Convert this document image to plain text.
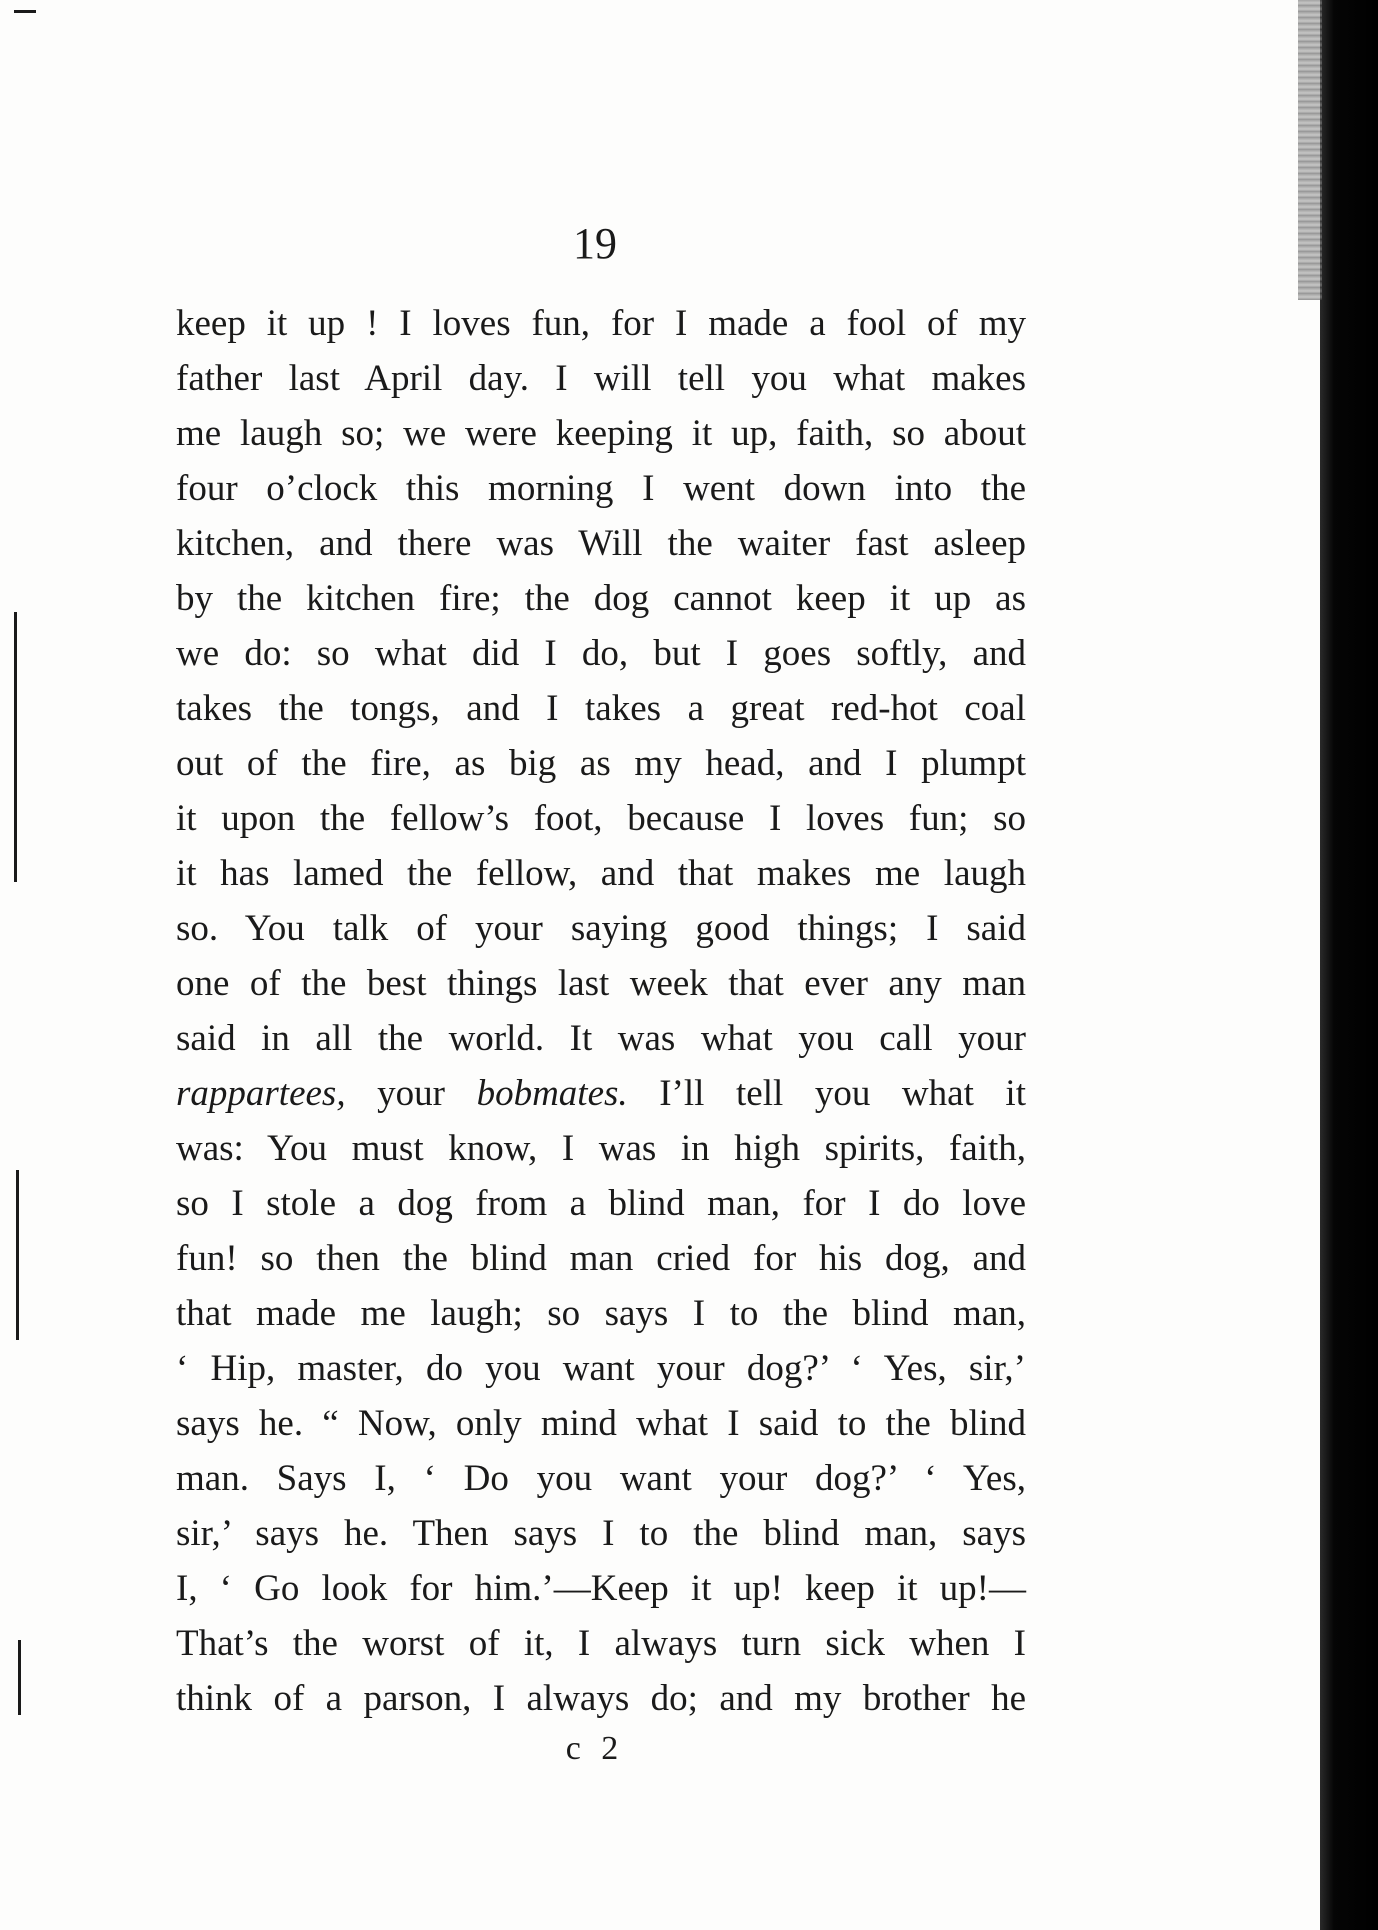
19
keep it up ! I loves fun, for I made a fool of my
father last April day. I will tell you what makes
me laugh so; we were keeping it up, faith, so about
four o’clock this morning I went down into the
kitchen, and there was Will the waiter fast asleep
by the kitchen fire; the dog cannot keep it up as
we do: so what did I do, but I goes softly, and
takes the tongs, and I takes a great red-hot coal
out of the fire, as big as my head, and I plumpt
it upon the fellow’s foot, because I loves fun; so
it has lamed the fellow, and that makes me laugh
so. You talk of your saying good things; I said
one of the best things last week that ever any man
said in all the world. It was what you call your
rappartees, your bobmates. I’ll tell you what it
was: You must know, I was in high spirits, faith,
so I stole a dog from a blind man, for I do love
fun! so then the blind man cried for his dog, and
that made me laugh; so says I to the blind man,
‘ Hip, master, do you want your dog?’ ‘ Yes, sir,’
says he. “ Now, only mind what I said to the blind
man. Says I, ‘ Do you want your dog?’ ‘ Yes,
sir,’ says he. Then says I to the blind man, says
I, ‘ Go look for him.’—Keep it up! keep it up!—
That’s the worst of it, I always turn sick when I
think of a parson, I always do; and my brother he
c 2
